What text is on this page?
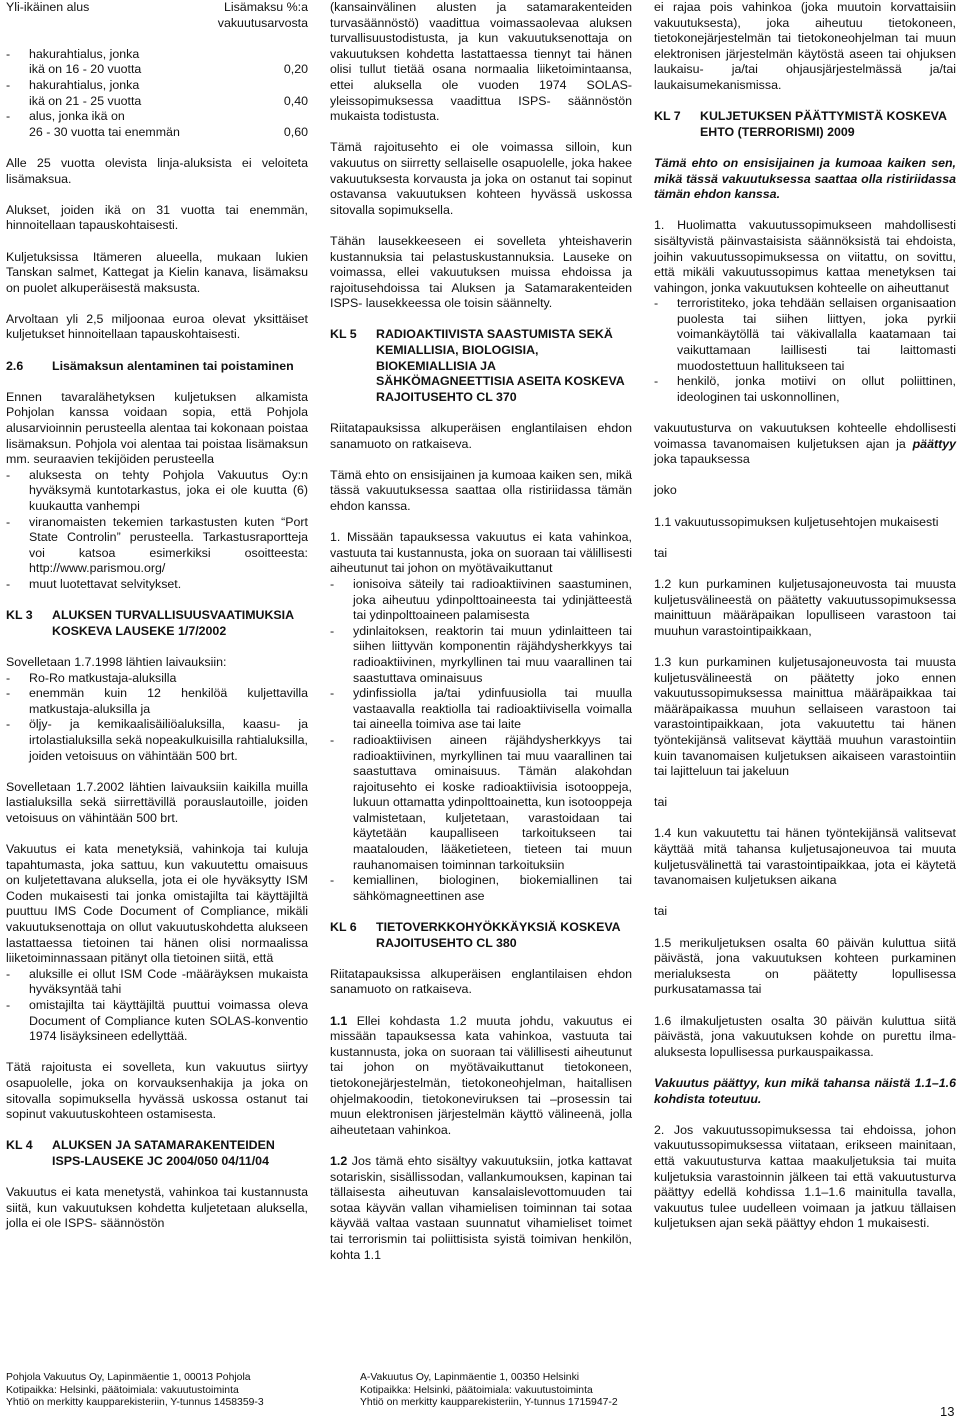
Yli-ikäinen alus	Lisämaksu %:a
vakuutusarvosta
-	hakurahtialus, jonka
ikä on 16 - 20 vuotta	0,20
-	hakurahtialus, jonka
ikä on 21 - 25 vuotta	0,40
-	alus, jonka ikä on
26 - 30 vuotta tai enemmän	0,60

Alle 25 vuotta olevista linja-aluksista ei veloiteta lisämaksua.

Alukset, joiden ikä on 31 vuotta tai enemmän, hinnoitellaan tapauskohtaisesti.

Kuljetuksissa Itämeren alueella, mukaan lukien Tanskan salmet, Kattegat ja Kielin kanava, lisämaksu on puolet alkuperäisestä maksusta.

Arvoltaan yli 2,5 miljoonaa euroa olevat yksittäiset kuljetukset hinnoitellaan tapauskohtaisesti.

2.6	Lisämaksun alentaminen tai poistaminen

Ennen tavaralähetyksen kuljetuksen alkamista Pohjolan kanssa voidaan sopia, että Pohjola alusarvioinnin perusteella alentaa tai kokonaan poistaa lisämaksun. Pohjola voi alentaa tai poistaa lisämaksun mm. seuraavien tekijöiden perusteella

-	aluksesta on tehty Pohjola Vakuutus Oy:n hyväksymä kuntotarkastus, joka ei ole kuutta (6) kuukautta vanhempi
-	viranomaisten tekemien tarkastusten kuten “Port State Controlin” perusteella. Tarkastusraportteja voi katsoa esimerkiksi osoitteesta: http://www.parismou.org/
-	muut luotettavat selvitykset.
KL 3	ALUKSEN TURVALLISUUSVAATIMUKSIA KOSKEVA LAUSEKE 1/7/2002

Sovelletaan 1.7.1998 lähtien laivauksiin:

-	Ro-Ro matkustaja-aluksilla
-	enemmän kuin 12 henkilöä kuljettavilla matkustaja-aluksilla ja
-	öljy- ja kemikaalisäiliöaluksilla, kaasu- ja irtolastialuksilla sekä nopeakulkuisilla rahtialuksilla, joiden vetoisuus on vähintään 500 brt.

Sovelletaan 1.7.2002 lähtien laivauksiin kaikilla muilla lastialuksilla sekä siirrettävillä porauslautoille, joiden vetoisuus on vähintään 500 brt.

Vakuutus ei kata menetyksiä, vahinkoja tai kuluja tapahtumasta, joka sattuu, kun vakuutettu omaisuus on kuljetettavana aluksella, jota ei ole hyväksytty ISM Coden mukaisesti tai jonka omistajilta tai käyttäjiltä puuttuu IMS Code Document of Compliance, mikäli vakuutuksenottaja on ollut vakuutuskohdetta alukseen lastattaessa tietoinen tai hänen olisi normaalissa liiketoiminnassaan pitänyt olla tietoinen siitä, että

-	aluksille ei ollut ISM Code -määräyksen mukaista hyväksyntää tahi
-	omistajilta tai käyttäjiltä puuttui voimassa oleva Document of Compliance kuten SOLAS-konventio 1974 lisäyksineen edellyttää.

Tätä rajoitusta ei sovelleta, kun vakuutus siirtyy osapuolelle, joka on korvauksenhakija ja joka on sitovalla sopimuksella hyvässä uskossa ostanut tai sopinut vakuutuskohteen ostamisesta.

KL 4	ALUKSEN JA SATAMARAKENTEIDEN ISPS-LAUSEKE JC 2004/050 04/11/04

Vakuutus ei kata menetystä, vahinkoa tai kustannusta siitä, kun vakuutuksen kohdetta kuljetetaan aluksella, jolla ei ole ISPS- säännöstön

(kansainvälinen alusten ja satamarakenteiden turvasäännöstö) vaadittua voimassaolevaa aluksen turvallisuustodistusta, ja kun vakuutuksenottaja on vakuutuksen kohdetta lastattaessa tiennyt tai hänen olisi tullut tietää osana normaalia liiketoimintaansa, ettei aluksella ole vuoden 1974 SOLAS- yleissopimuksessa vaadittua ISPS- säännöstön mukaista todistusta.

Tämä rajoitusehto ei ole voimassa silloin, kun vakuutus on siirretty sellaiselle osapuolelle, joka hakee vakuutuksesta korvausta ja joka on ostanut tai sopinut ostavansa vakuutuksen kohteen hyvässä uskossa sitovalla sopimuksella.

Tähän lausekkeeseen ei sovelleta yhteishaverin kustannuksia tai pelastuskustannuksia. Lauseke on voimassa, ellei vakuutuksen muissa ehdoissa ja rajoitusehdoissa tai Aluksen ja Satamarakenteiden ISPS- lausekkeessa ole toisin säännelty.

KL 5	RADIOAKTIIVISTA SAASTUMISTA SEKÄ KEMIALLISIA, BIOLOGISIA, BIOKEMIALLISIA JA SÄHKÖMAGNEETTISIA ASEITA KOSKEVA RAJOITUSEHTO CL 370

Riitatapauksissa alkuperäisen englantilaisen ehdon sanamuoto on ratkaiseva.

Tämä ehto on ensisijainen ja kumoaa kaiken sen, mikä tässä vakuutuksessa saattaa olla ristiriidassa tämän ehdon kanssa.

1. Missään tapauksessa vakuutus ei kata vahinkoa, vastuuta tai kustannusta, joka on suoraan tai välillisesti aiheutunut tai johon on myötävaikuttanut

-	ionisoiva säteily tai radioaktiivinen saastuminen, joka aiheutuu ydinpolttoaineesta tai ydinjätteestä tai ydinpolttoaineen palamisesta
-	ydinlaitoksen, reaktorin tai muun ydinlaitteen tai siihen liittyvän komponentin räjähdysherkkyys tai radioaktiivinen, myrkyllinen tai muu vaarallinen tai saastuttava ominaisuus
-	ydinfissiolla ja/tai ydinfuusiolla tai muulla vastaavalla reaktiolla tai radioaktiivisella voimalla tai aineella toimiva ase tai laite
-	radioaktiivisen aineen räjähdysherkkyys tai radioaktiivinen, myrkyllinen tai muu vaarallinen tai saastuttava ominaisuus. Tämän alakohdan rajoitusehto ei koske radioaktiivisia isotooppeja, lukuun ottamatta ydinpolttoainetta, kun isotooppeja valmistetaan, kuljetetaan, varastoidaan tai käytetään kaupalliseen tarkoitukseen tai maatalouden, lääketieteen, tieteen tai muun rauhanomaisen toiminnan tarkoituksiin
-	kemiallinen, biologinen, biokemiallinen tai sähkömagneettinen ase
KL 6	TIETOVERKKOHYÖKKÄYKSIÄ KOSKEVA RAJOITUSEHTO CL 380

Riitatapauksissa alkuperäisen englantilaisen ehdon sanamuoto on ratkaiseva.

1.1 Ellei kohdasta 1.2 muuta johdu, vakuutus ei missään tapauksessa kata vahinkoa, vastuuta tai kustannusta, joka on suoraan tai välillisesti aiheutunut tai johon on myötävaikuttanut tietokoneen, tietokonejärjestelmän, tietokoneohjelman, haitallisen ohjelmakoodin, tietokoneviruksen tai –prosessin tai muun elektronisen järjestelmän käyttö välineenä, jolla aiheutetaan vahinkoa.

1.2 Jos tämä ehto sisältyy vakuutuksiin, jotka kattavat sotariskin, sisällissodan, vallankumouksen, kapinan tai tällaisesta aiheutuvan kansalaislevottomuuden tai sotaa käyvän vallan vihamielisen toiminnan tai sotaa käyvää valtaa vastaan suunnatut vihamieliset toimet tai terrorismin tai poliittisista syistä toimivan henkilön, kohta 1.1

ei rajaa pois vahinkoa (joka muutoin korvattaisiin vakuutuksesta), joka aiheutuu tietokoneen, tietokonejärjestelmän tai tietokoneohjelman tai muun elektronisen järjestelmän käytöstä aseen tai ohjuksen laukaisu- ja/tai ohjausjärjestelmässä ja/tai laukaisumekanismissa.

KL 7	KULJETUKSEN PÄÄTTYMISTÄ KOSKEVA EHTO (TERRORISMI) 2009

Tämä ehto on ensisijainen ja kumoaa kaiken sen, mikä tässä vakuutuksessa saattaa olla ristiriidassa tämän ehdon kanssa.

1. Huolimatta vakuutussopimukseen mahdollisesti sisältyvistä päinvastaisista säännöksistä tai ehdoista, joihin vakuutussopimuksessa on viitattu, on sovittu, että mikäli vakuutussopimus kattaa menetyksen tai vahingon, jonka vakuutuksen kohteelle on aiheuttanut

-	terroristiteko, joka tehdään sellaisen organisaation puolesta tai siihen liittyen, joka pyrkii voimankäytöllä tai väkivallalla kaatamaan tai vaikuttamaan laillisesti tai laittomasti muodostettuun hallitukseen tai
-	henkilö, jonka motiivi on ollut poliittinen, ideologinen tai uskonnollinen,

vakuutusturva on vakuutuksen kohteelle ehdollisesti voimassa tavanomaisen kuljetuksen ajan ja päättyy joka tapauksessa

joko

1.1 vakuutussopimuksen kuljetusehtojen mukaisesti

tai

1.2 kun purkaminen kuljetusajoneuvosta tai muusta kuljetusvälineestä on päätetty vakuutussopimuksessa mainittuun määräpaikan lopulliseen varastoon tai muuhun varastointipaikkaan,

1.3 kun purkaminen kuljetusajoneuvosta tai muusta kuljetusvälineestä on päätetty joko ennen vakuutussopimuksessa mainittua määräpaikkaa tai määräpaikassa muuhun sellaiseen varastoon tai varastointipaikkaan, jota vakuutettu tai hänen työntekijänsä valitsevat käyttää muuhun varastointiin kuin tavanomaisen kuljetuksen aikaiseen varastointiin tai lajitteluun tai jakeluun

tai

1.4 kun vakuutettu tai hänen työntekijänsä valitsevat käyttää mitä tahansa kuljetusajoneuvoa tai muuta kuljetusvälinettä tai varastointipaikkaa, jota ei käytetä tavanomaisen kuljetuksen aikana

tai

1.5 merikuljetuksen osalta 60 päivän kuluttua siitä päivästä, jona vakuutuksen kohteen purkaminen merialuksesta on päätetty lopullisessa purkusatamassa tai

1.6 ilmakuljetusten osalta 30 päivän kuluttua siitä päivästä, jona vakuutuksen kohde on purettu ilma-aluksesta lopullisessa purkauspaikassa.

Vakuutus päättyy, kun mikä tahansa näistä 1.1–1.6 kohdista toteutuu.

2. Jos vakuutussopimuksessa tai ehdoissa, johon vakuutussopimuksessa viitataan, erikseen mainitaan, että vakuutusturva kattaa maakuljetuksia tai muita kuljetuksia varastoinnin jälkeen tai että vakuutusturva päättyy edellä kohdissa 1.1–1.6 mainitulla tavalla, vakuutus tulee uudelleen voimaan ja jatkuu tällaisen kuljetuksen ajan sekä päättyy ehdon 1 mukaisesti.

Pohjola Vakuutus Oy, Lapinmäentie 1, 00013 Pohjola
Kotipaikka: Helsinki, päätoimiala: vakuutustoiminta
Yhtiö on merkitty kaupparekisteriin, Y-tunnus 1458359-3
A-Vakuutus Oy, Lapinmäentie 1, 00350 Helsinki
Kotipaikka: Helsinki, päätoimiala: vakuutustoiminta
Yhtiö on merkitty kaupparekisteriin, Y-tunnus 1715947-2
13
